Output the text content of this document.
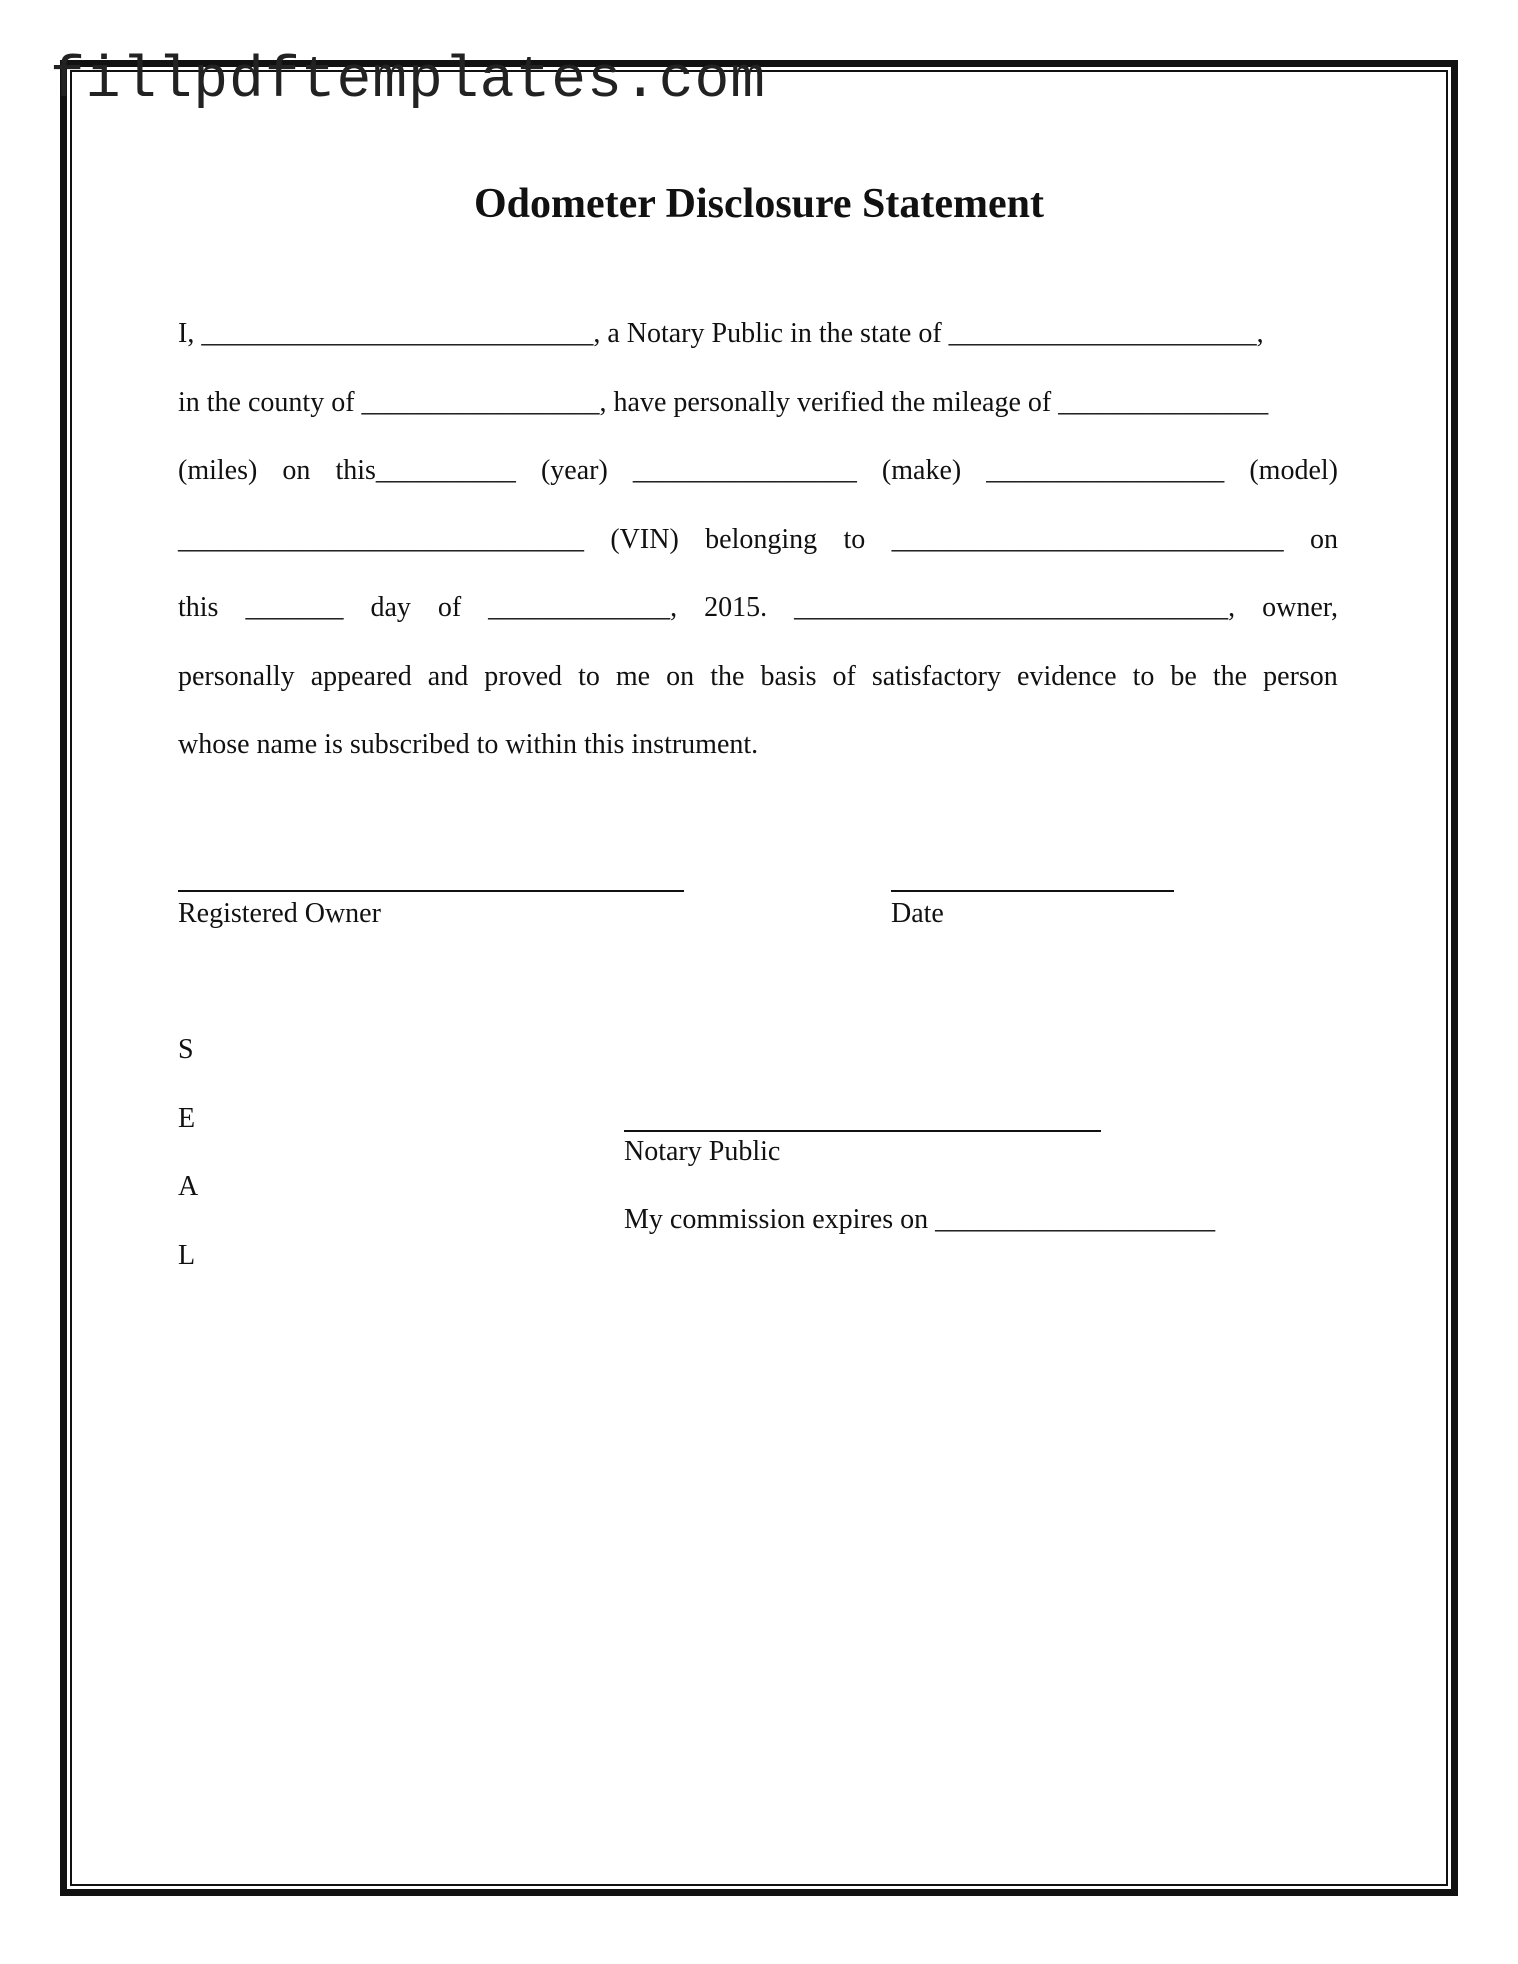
fillpdftemplates.com
Odometer Disclosure Statement
I, ____________________________, a Notary Public in the state of ______________________,
in the county of _________________, have personally verified the mileage of _______________
(miles) on this__________ (year) ________________ (make) _________________ (model)
_____________________________ (VIN) belonging to ____________________________ on
this _______ day of _____________, 2015. _______________________________, owner,
personally appeared and proved to me on the basis of satisfactory evidence to be the person
whose name is subscribed to within this instrument.
Registered Owner	Date
S
E
A
L
Notary Public
My commission expires on ____________________
